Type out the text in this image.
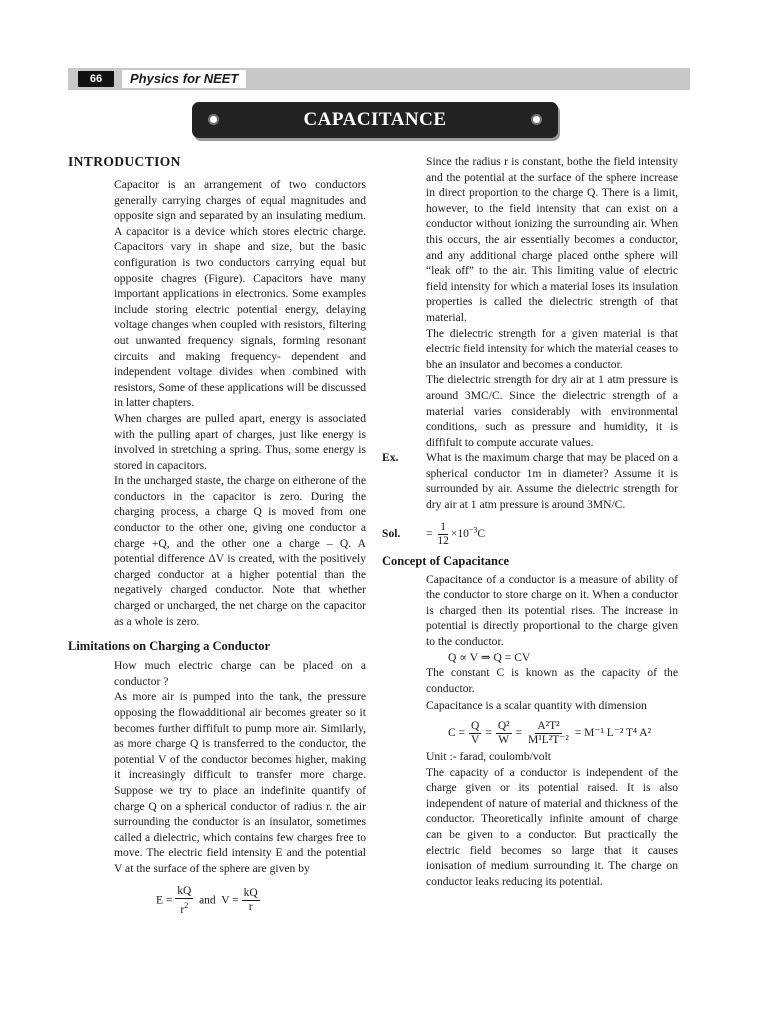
66	Physics for NEET
CAPACITANCE
INTRODUCTION

Capacitor is an arrangement of two conductors generally carrying charges of equal magnitudes and opposite sign and separated by an insulating medium. A capacitor is a device which stores electric charge. Capacitors vary in shape and size, but the basic configuration is two conductors carrying equal but opposite chagres (Figure). Capacitors have many important applications in electronics. Some examples include storing electric potential energy, delaying voltage changes when coupled with resistors, filtering out unwanted frequency signals, forming resonant circuits and making frequency- dependent and independent voltage divides when combined with resistors, Some of these applications will be discussed in latter chapters.

When charges are pulled apart, energy is associated with the pulling apart of charges, just like energy is involved in stretching a spring. Thus, some energy is stored in capacitors.

In the uncharged staste, the charge on eitherone of the conductors in the capacitor is zero. During the charging process, a charge Q is moved from one conductor to the other one, giving one conductor a charge +Q, and the other one a charge – Q. A potential difference ΔV is created, with the positively charged conductor at a higher potential than the negatively charged conductor. Note that whether charged or uncharged, the net charge on the capacitor as a whole is zero.

Limitations on Charging a Conductor

How much electric charge can be placed on a conductor ?

As more air is pumped into the tank, the pressure opposing the flowadditional air becomes greater so it becomes further diffifult to pump more air. Similarly, as more charge Q is transferred to the conductor, the potential V of the conductor becomes higher, making it increasingly difficult to transfer more charge. Suppose we try to place an indefinite quantify of charge Q on a spherical conductor of radius r. the air surrounding the conductor is an insulator, sometimes called a dielectric, which contains few charges free to move. The electric field intensity E and the potential V at the surface of the sphere are given by

$E = \frac{kQ}{r^2}$ and $V = \frac{kQ}{r}$

Since the radius r is constant, bothe the field intensity and the potential at the surface of the sphere increase in direct proportion to the charge Q. There is a limit, however, to the field intensity that can exist on a conductor without ionizing the surrounding air. When this occurs, the air essentially becomes a conductor, and any additional charge placed onthe sphere will “leak off” to the air. This limiting value of electric field intensity for which a material loses its insulation properties is called the dielectric strength of that material.

The dielectric strength for a given material is that electric field intensity for which the material ceases to bhe an insulator and becomes a conductor.

The dielectric strength for dry air at 1 atm pressure is around 3MC/C. Since the dielectric strength of a material varies considerably with environmental conditions, such as pressure and humidity, it is diffifult to compute accurate values.

Ex.	What is the maximum charge that may be placed on a spherical conductor 1m in diameter? Assume it is surrounded by air. Assume the dielectric strength for dry air at 1 atm pressure is around 3MN/C.
Sol.	= $\frac{1}{12} \times 10^{-3}C$
Concept of Capacitance

Capacitance of a conductor is a measure of ability of the conductor to store charge on it. When a conductor is charged then its potential rises. The increase in potential is directly proportional to the charge given to the conductor.

Q ∝ V ⇒ Q = CV

The constant C is known as the capacity of the conductor.

Capacitance is a scalar quantity with dimension

$C = \frac{Q}{V} = \frac{\text{Q²}}{W} = \frac{\text{A²T²}}{\text{M¹L²T⁻²}} = M^{-1}$ L⁻² T⁴ A²

Unit :- farad, coulomb/volt

The capacity of a conductor is independent of the charge given or its potential raised. It is also independent of nature of material and thickness of the conductor. Theoretically infinite amount of charge can be given to a conductor. But practically the electric field becomes so large that it causes ionisation of medium surrounding it. The charge on conductor leaks reducing its potential.
